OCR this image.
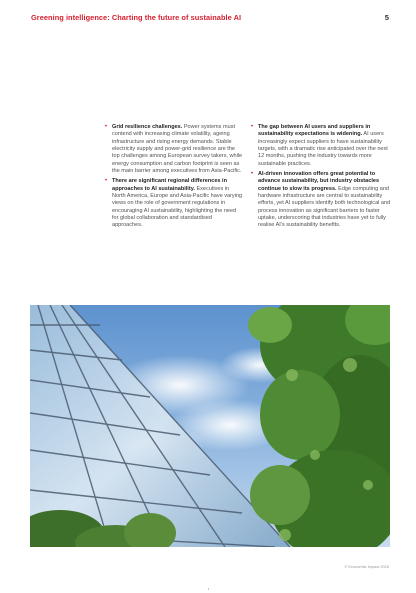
Greening intelligence: Charting the future of sustainable AI	5
• Grid resilience challenges. Power systems must contend with increasing climate volatility, ageing infrastructure and rising energy demands. Stable electricity supply and power-grid resilience are the top challenges among European survey takers, while energy consumption and carbon footprint is seen as the main barrier among executives from Asia-Pacific.
• There are significant regional differences in approaches to AI sustainability. Executives in North America, Europe and Asia-Pacific have varying views on the role of government regulations in encouraging AI sustainability, highlighting the need for global collaboration and standardised approaches.
• The gap between AI users and suppliers in sustainability expectations is widening. AI users increasingly expect suppliers to have sustainability targets, with a dramatic rise anticipated over the next 12 months, pushing the industry towards more sustainable practices.
• AI-driven innovation offers great potential to advance sustainability, but industry obstacles continue to slow its progress. Edge computing and hardware infrastructure are central to sustainability efforts, yet AI suppliers identify both technological and process innovation as significant barriers to faster uptake, underscoring that industries have yet to fully realise AI's sustainability benefits.
© Economist Impact 2025
